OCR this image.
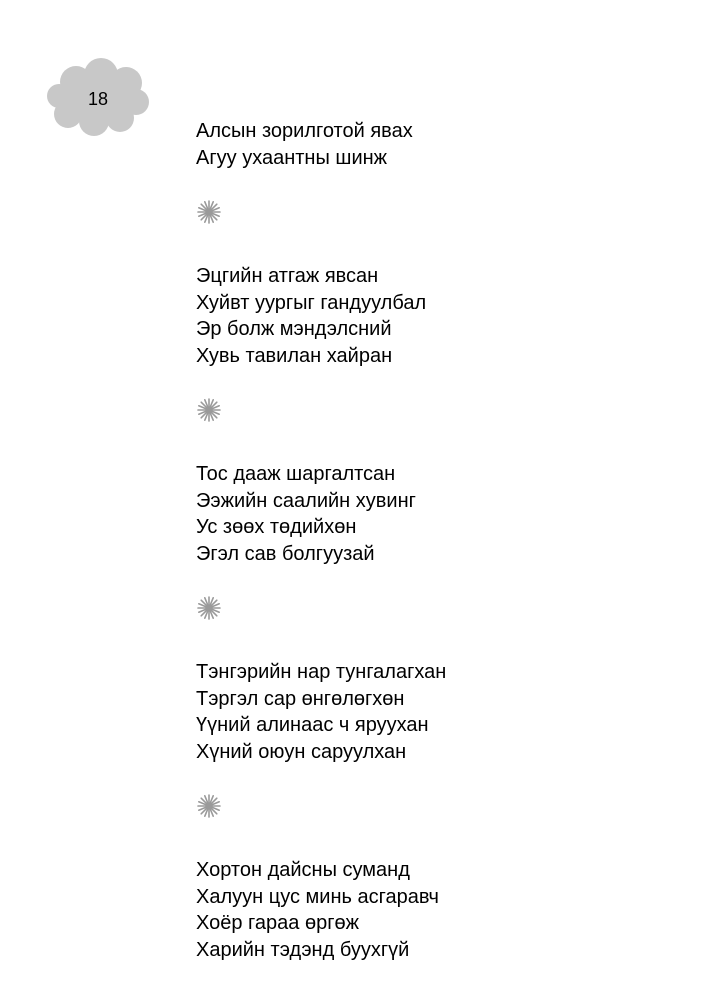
18
Алсын зорилготой явах
Агуу ухаантны шинж
Эцгийн атгаж явсан
Хуйвт уургыг гандуулбал
Эр болж мэндэлсний
Хувь тавилан хайран
Тос дааж шаргалтсан
Ээжийн саалийн хувинг
Ус зөөх төдийхөн
Эгэл сав болгуузай
Тэнгэрийн нар тунгалагхан
Тэргэл сар өнгөлөгхөн
Үүний алинаас ч яруухан
Хүний оюун саруулхан
Хортон дайсны суманд
Халуун цус минь асгаравч
Хоёр гараа өргөж
Харийн тэдэнд буухгүй
